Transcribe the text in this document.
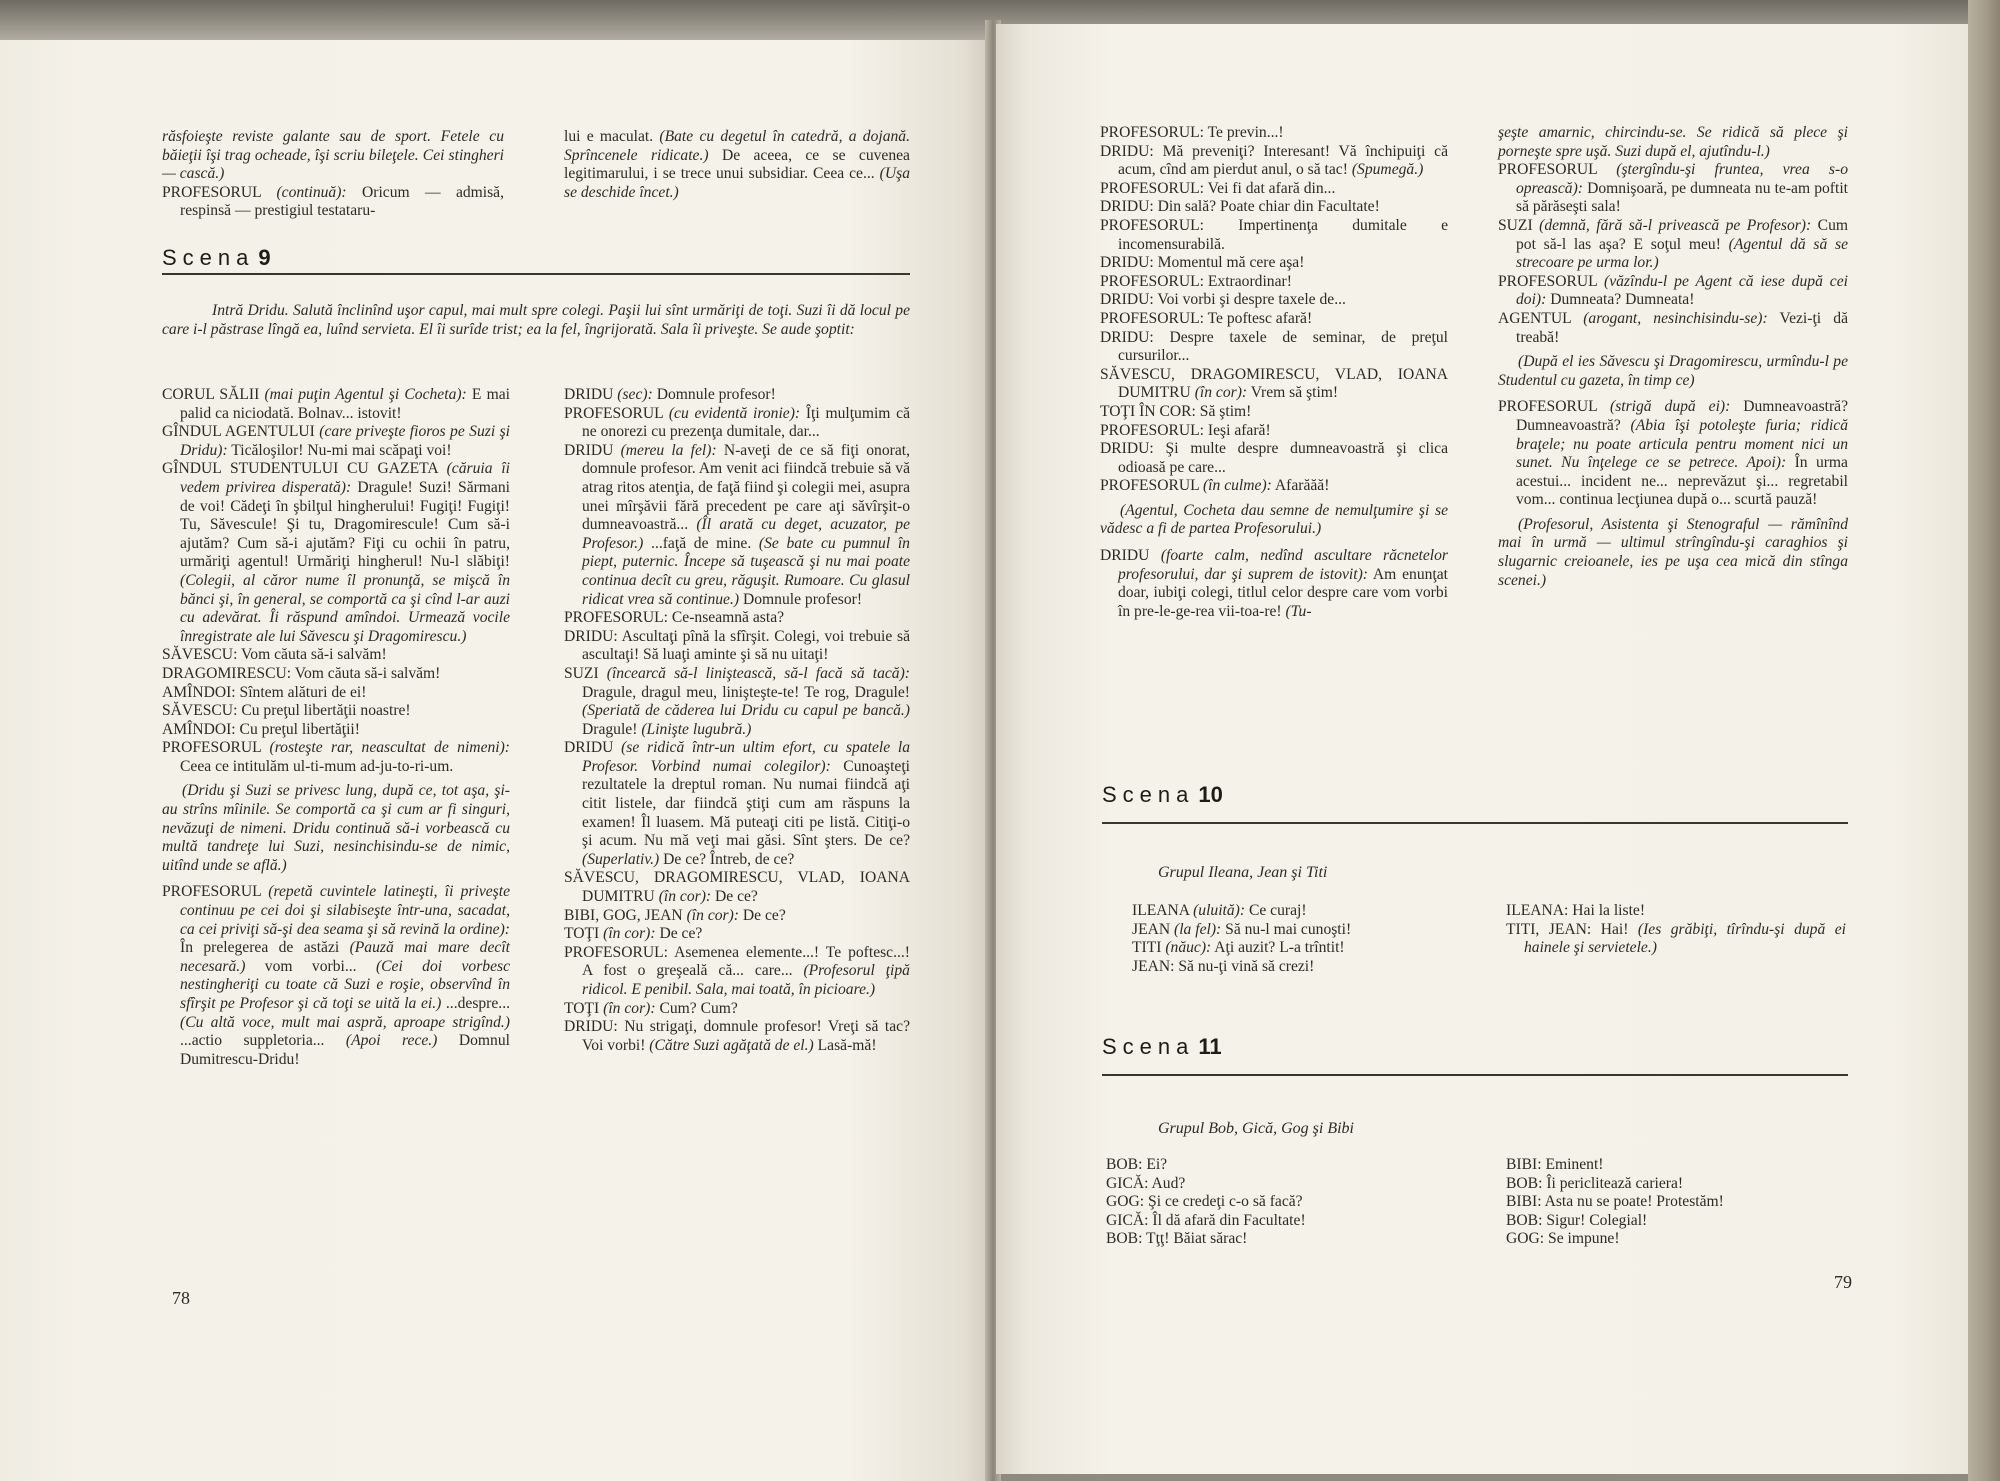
răsfoieşte reviste galante sau de sport. Fetele cu băieţii îşi trag ocheade, îşi scriu bileţele. Cei stingheri — cască.)

PROFESORUL (continuă): Oricum — admisă, respinsă — prestigiul testataru-

lui e maculat. (Bate cu degetul în catedră, a dojană. Sprîncenele ridicate.) De aceea, ce se cuvenea legitimarului, i se trece unui subsidiar. Ceea ce... (Uşa se deschide încet.)

Scena 9
Intră Dridu. Salută înclinînd uşor capul, mai mult spre colegi. Paşii lui sînt urmăriţi de toţi. Suzi îi dă locul pe care i-l păstrase lîngă ea, luînd servieta. El îi surîde trist; ea la fel, îngrijorată. Sala îi priveşte. Se aude şoptit:

CORUL SĂLII (mai puţin Agentul şi Cocheta): E mai palid ca niciodată. Bolnav... istovit!

GÎNDUL AGENTULUI (care priveşte fioros pe Suzi şi Dridu): Ticăloşilor! Nu-mi mai scăpaţi voi!

GÎNDUL STUDENTULUI CU GAZETA (căruia îi vedem privirea disperată): Dragule! Suzi! Sărmani de voi! Cădeţi în şbilţul hingherului! Fugiţi! Fugiţi! Tu, Săvescule! Şi tu, Dragomirescule! Cum să-i ajutăm? Cum să-i ajutăm? Fiţi cu ochii în patru, urmăriţi agentul! Urmăriţi hingherul! Nu-l slăbiţi! (Colegii, al căror nume îl pronunţă, se mişcă în bănci şi, în general, se comportă ca şi cînd l-ar auzi cu adevărat. Îi răspund amîndoi. Urmează vocile înregistrate ale lui Săvescu şi Dragomirescu.)

SĂVESCU: Vom căuta să-i salvăm!

DRAGOMIRESCU: Vom căuta să-i salvăm!

AMÎNDOI: Sîntem alături de ei!

SĂVESCU: Cu preţul libertăţii noastre!

AMÎNDOI: Cu preţul libertăţii!

PROFESORUL (rosteşte rar, neascultat de nimeni): Ceea ce intitulăm ul-ti-mum ad-ju-to-ri-um.

(Dridu şi Suzi se privesc lung, după ce, tot aşa, şi-au strîns mîinile. Se comportă ca şi cum ar fi singuri, nevăzuţi de nimeni. Dridu continuă să-i vorbească cu multă tandreţe lui Suzi, nesinchisindu-se de nimic, uitînd unde se află.)

PROFESORUL (repetă cuvintele latineşti, îi priveşte continuu pe cei doi şi silabiseşte într-una, sacadat, ca cei priviţi să-şi dea seama şi să revină la ordine): În prelegerea de astăzi (Pauză mai mare decît necesară.) vom vorbi... (Cei doi vorbesc nestingheriţi cu toate că Suzi e roşie, observînd în sfîrşit pe Profesor şi că toţi se uită la ei.) ...despre... (Cu altă voce, mult mai aspră, aproape strigînd.) ...actio suppletoria... (Apoi rece.) Domnul Dumitrescu-Dridu!

DRIDU (sec): Domnule profesor!

PROFESORUL (cu evidentă ironie): Îţi mulţumim că ne onorezi cu prezenţa dumitale, dar...

DRIDU (mereu la fel): N-aveţi de ce să fiţi onorat, domnule profesor. Am venit aci fiindcă trebuie să vă atrag ritos atenţia, de faţă fiind şi colegii mei, asupra unei mîrşăvii fără precedent pe care aţi săvîrşit-o dumneavoastră... (Îl arată cu deget, acuzator, pe Profesor.) ...faţă de mine. (Se bate cu pumnul în piept, puternic. Începe să tuşească şi nu mai poate continua decît cu greu, răguşit. Rumoare. Cu glasul ridicat vrea să continue.) Domnule profesor!

PROFESORUL: Ce-nseamnă asta?

DRIDU: Ascultaţi pînă la sfîrşit. Colegi, voi trebuie să ascultaţi! Să luaţi aminte şi să nu uitaţi!

SUZI (încearcă să-l liniştească, să-l facă să tacă): Dragule, dragul meu, linişteşte-te! Te rog, Dragule! (Speriată de căderea lui Dridu cu capul pe bancă.) Dragule! (Linişte lugubră.)

DRIDU (se ridică într-un ultim efort, cu spatele la Profesor. Vorbind numai colegilor): Cunoaşteţi rezultatele la dreptul roman. Nu numai fiindcă aţi citit listele, dar fiindcă ştiţi cum am răspuns la examen! Îl luasem. Mă puteaţi citi pe listă. Citiţi-o şi acum. Nu mă veţi mai găsi. Sînt şters. De ce? (Superlativ.) De ce? Întreb, de ce?

SĂVESCU, DRAGOMIRESCU, VLAD, IOANA DUMITRU (în cor): De ce?

BIBI, GOG, JEAN (în cor): De ce?

TOŢI (în cor): De ce?

PROFESORUL: Asemenea elemente...! Te poftesc...! A fost o greşeală că... care... (Profesorul ţipă ridicol. E penibil. Sala, mai toată, în picioare.)

TOŢI (în cor): Cum? Cum?

DRIDU: Nu strigaţi, domnule profesor! Vreţi să tac? Voi vorbi! (Către Suzi agăţată de el.) Lasă-mă!

78

PROFESORUL: Te previn...!

DRIDU: Mă preveniţi? Interesant! Vă închipuiţi că acum, cînd am pierdut anul, o să tac! (Spumegă.)

PROFESORUL: Vei fi dat afară din...

DRIDU: Din sală? Poate chiar din Facultate!

PROFESORUL: Impertinenţa dumitale e incomensurabilă.

DRIDU: Momentul mă cere aşa!

PROFESORUL: Extraordinar!

DRIDU: Voi vorbi şi despre taxele de...

PROFESORUL: Te poftesc afară!

DRIDU: Despre taxele de seminar, de preţul cursurilor...

SĂVESCU, DRAGOMIRESCU, VLAD, IOANA DUMITRU (în cor): Vrem să ştim!

TOŢI ÎN COR: Să ştim!

PROFESORUL: Ieşi afară!

DRIDU: Şi multe despre dumneavoastră şi clica odioasă pe care...

PROFESORUL (în culme): Afarăăă!

(Agentul, Cocheta dau semne de nemulţumire şi se vădesc a fi de partea Profesorului.)

DRIDU (foarte calm, nedînd ascultare răcnetelor profesorului, dar şi suprem de istovit): Am enunţat doar, iubiţi colegi, titlul celor despre care vom vorbi în pre-le-ge-rea vii-toa-re! (Tu-

şeşte amarnic, chircindu-se. Se ridică să plece şi porneşte spre uşă. Suzi după el, ajutîndu-l.)

PROFESORUL (ştergîndu-şi fruntea, vrea s-o oprească): Domnişoară, pe dumneata nu te-am poftit să părăseşti sala!

SUZI (demnă, fără să-l privească pe Profesor): Cum pot să-l las aşa? E soţul meu! (Agentul dă să se strecoare pe urma lor.)

PROFESORUL (văzîndu-l pe Agent că iese după cei doi): Dumneata? Dumneata!

AGENTUL (arogant, nesinchisindu-se): Vezi-ţi dă treabă!

(După el ies Săvescu şi Dragomirescu, urmîndu-l pe Studentul cu gazeta, în timp ce)

PROFESORUL (strigă după ei): Dumneavoastră? Dumneavoastră? (Abia îşi potoleşte furia; ridică braţele; nu poate articula pentru moment nici un sunet. Nu înţelege ce se petrece. Apoi): În urma acestui... incident ne... neprevăzut şi... regretabil vom... continua lecţiunea după o... scurtă pauză!

(Profesorul, Asistenta şi Stenograful — rămînînd mai în urmă — ultimul strîngîndu-şi caraghios şi slugarnic creioanele, ies pe uşa cea mică din stînga scenei.)

Scena 10
Grupul Ileana, Jean şi Titi

ILEANA (uluită): Ce curaj!

JEAN (la fel): Să nu-l mai cunoşti!

TITI (năuc): Aţi auzit? L-a trîntit!

JEAN: Să nu-ţi vină să crezi!

ILEANA: Hai la liste!

TITI, JEAN: Hai! (Ies grăbiţi, tîrîndu-şi după ei hainele şi servietele.)

Scena 11
Grupul Bob, Gică, Gog şi Bibi

BOB: Ei?

GICĂ: Aud?

GOG: Şi ce credeţi c-o să facă?

GICĂ: Îl dă afară din Facultate!

BOB: Tţţ! Băiat sărac!

BIBI: Eminent!

BOB: Îi periclitează cariera!

BIBI: Asta nu se poate! Protestăm!

BOB: Sigur! Colegial!

GOG: Se impune!

79
